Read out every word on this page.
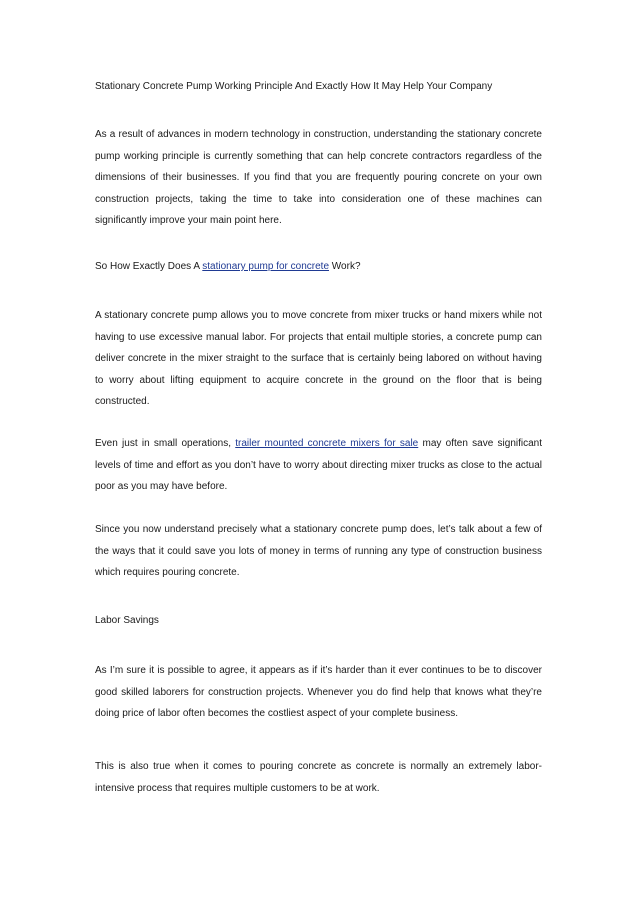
Stationary Concrete Pump Working Principle And Exactly How It May Help Your Company

As a result of advances in modern technology in construction, understanding the stationary concrete pump working principle is currently something that can help concrete contractors regardless of the dimensions of their businesses. If you find that you are frequently pouring concrete on your own construction projects, taking the time to take into consideration one of these machines can significantly improve your main point here.

So How Exactly Does A stationary pump for concrete Work?

A stationary concrete pump allows you to move concrete from mixer trucks or hand mixers while not having to use excessive manual labor. For projects that entail multiple stories, a concrete pump can deliver concrete in the mixer straight to the surface that is certainly being labored on without having to worry about lifting equipment to acquire concrete in the ground on the floor that is being constructed.

Even just in small operations, trailer mounted concrete mixers for sale may often save significant levels of time and effort as you don’t have to worry about directing mixer trucks as close to the actual poor as you may have before.

Since you now understand precisely what a stationary concrete pump does, let’s talk about a few of the ways that it could save you lots of money in terms of running any type of construction business which requires pouring concrete.

Labor Savings

As I’m sure it is possible to agree, it appears as if it’s harder than it ever continues to be to discover good skilled laborers for construction projects. Whenever you do find help that knows what they’re doing price of labor often becomes the costliest aspect of your complete business.

This is also true when it comes to pouring concrete as concrete is normally an extremely labor-intensive process that requires multiple customers to be at work.
